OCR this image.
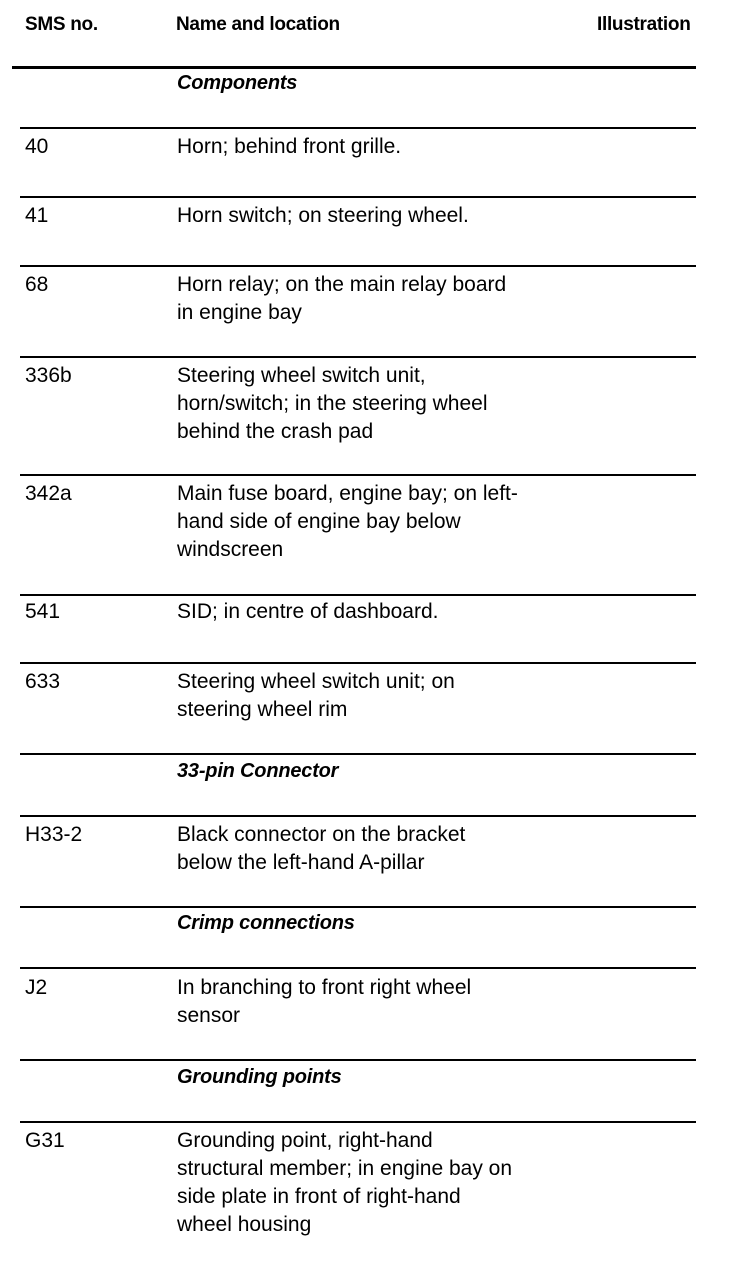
SMS no.	Name and location	Illustration
Components
40	Horn; behind front grille.
41	Horn switch; on steering wheel.
68	Horn relay; on the main relay board
in engine bay
336b	Steering wheel switch unit,
horn/switch; in the steering wheel
behind the crash pad
342a	Main fuse board, engine bay; on left-
hand side of engine bay below
windscreen
541	SID; in centre of dashboard.
633	Steering wheel switch unit; on
steering wheel rim
33-pin Connector
H33-2	Black connector on the bracket
below the left-hand A-pillar
Crimp connections
J2	In branching to front right wheel
sensor
Grounding points
G31	Grounding point, right-hand
structural member; in engine bay on
side plate in front of right-hand
wheel housing
